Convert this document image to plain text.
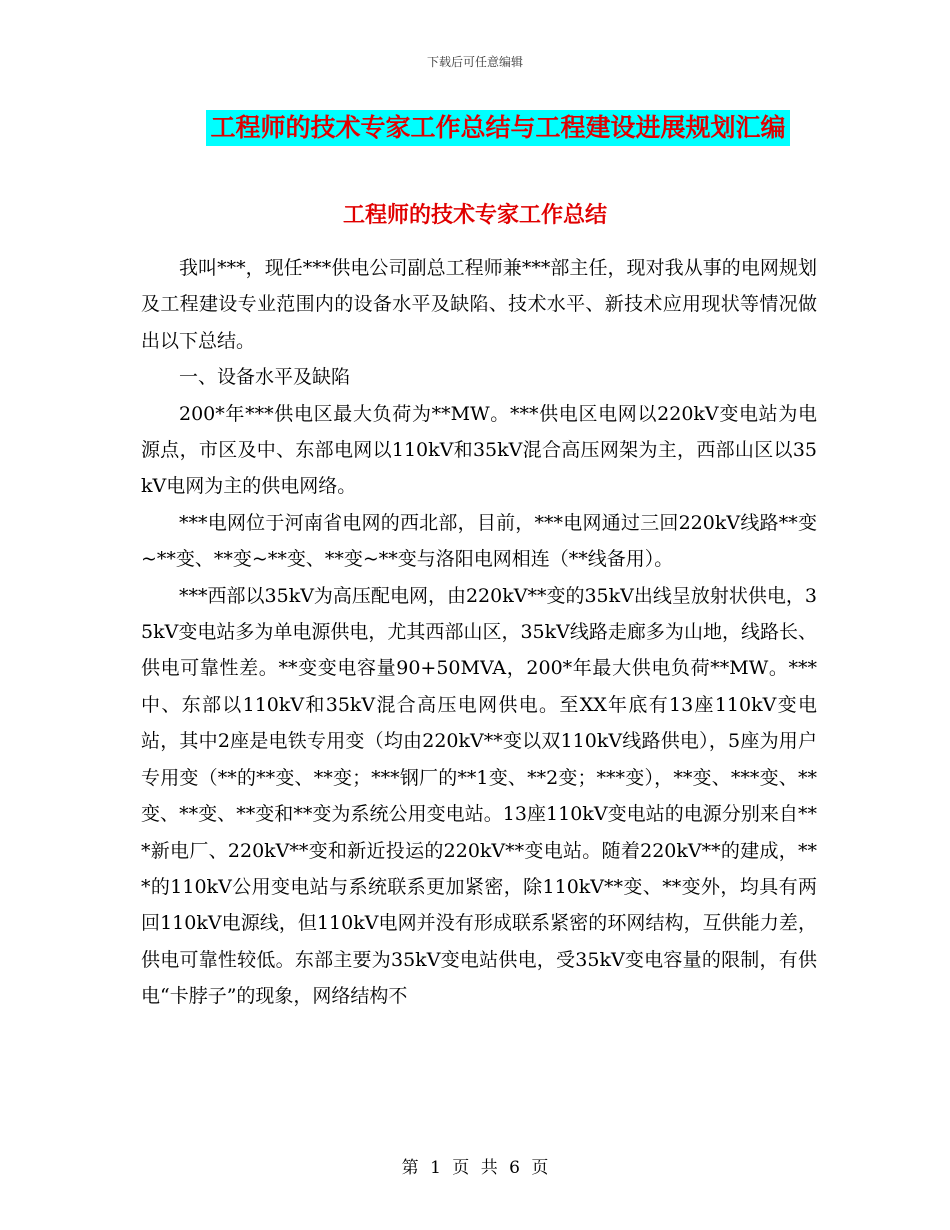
下载后可任意编辑
工程师的技术专家工作总结与工程建设进展规划汇编
工程师的技术专家工作总结

我叫***，现任***供电公司副总工程师兼***部主任，现对我从事的电网规划及工程建设专业范围内的设备水平及缺陷、技术水平、新技术应用现状等情况做出以下总结。

一、设备水平及缺陷

200*年***供电区最大负荷为**MW。***供电区电网以220kV变电站为电源点，市区及中、东部电网以110kV和35kV混合高压网架为主，西部山区以35kV电网为主的供电网络。

***电网位于河南省电网的西北部，目前，***电网通过三回220kV线路**变~**变、**变~**变、**变~**变与洛阳电网相连（**线备用）。

***西部以35kV为高压配电网，由220kV**变的35kV出线呈放射状供电，35kV变电站多为单电源供电，尤其西部山区，35kV线路走廊多为山地，线路长、供电可靠性差。**变变电容量90+50MVA，200*年最大供电负荷**MW。***中、东部以110kV和35kV混合高压电网供电。至XX年底有13座110kV变电站，其中2座是电铁专用变（均由220kV**变以双110kV线路供电），5座为用户专用变（**的**变、**变；***钢厂的**1变、**2变；***变），**变、***变、**变、**变、**变和**变为系统公用变电站。13座110kV变电站的电源分别来自***新电厂、220kV**变和新近投运的220kV**变电站。随着220kV**的建成，***的110kV公用变电站与系统联系更加紧密，除110kV**变、**变外，均具有两回110kV电源线，但110kV电网并没有形成联系紧密的环网结构，互供能力差，供电可靠性较低。东部主要为35kV变电站供电，受35kV变电容量的限制，有供电“卡脖子”的现象，网络结构不

第 1 页 共 6 页
